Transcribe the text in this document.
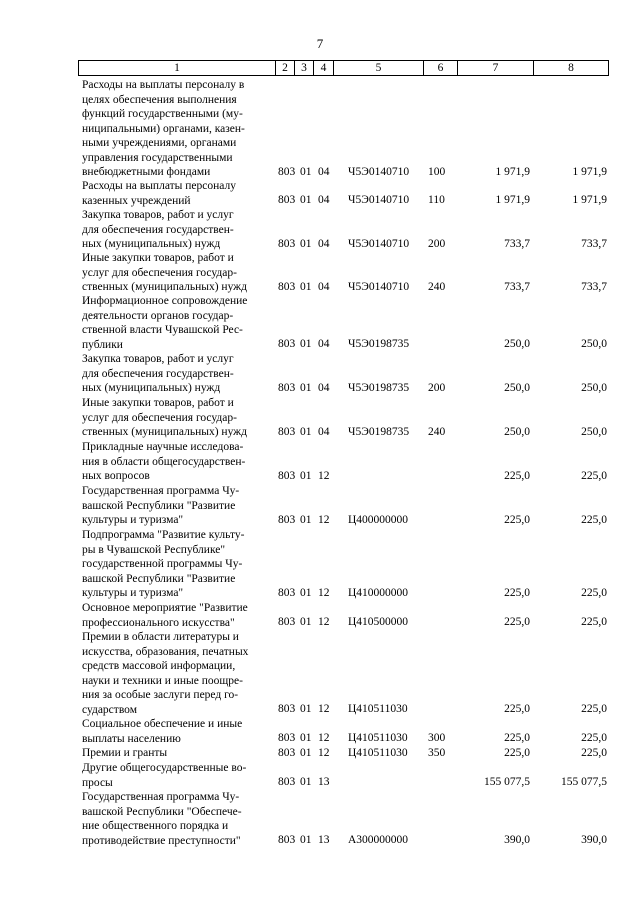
7
1	2	3	4	5	6	7	8
Расходы на выплаты персоналу в
целях обеспечения выполнения
функций государственными (му-
ниципальными) органами, казен-
ными учреждениями, органами
управления государственными
внебюджетными фондами	803 01 04 Ч5Э0140710 100	1 971,9	1 971,9
Расходы на выплаты персоналу
казенных учреждений	803 01 04 Ч5Э0140710 110	1 971,9	1 971,9
Закупка товаров, работ и услуг
для обеспечения государствен-
ных (муниципальных) нужд	803 01 04 Ч5Э0140710 200	733,7	733,7
Иные закупки товаров, работ и
услуг для обеспечения государ-
ственных (муниципальных) нужд	803 01 04 Ч5Э0140710 240	733,7	733,7
Информационное сопровождение
деятельности органов государ-
ственной власти Чувашской Рес-
публики	803 01 04 Ч5Э0198735	250,0	250,0
Закупка товаров, работ и услуг
для обеспечения государствен-
ных (муниципальных) нужд	803 01 04 Ч5Э0198735 200	250,0	250,0
Иные закупки товаров, работ и
услуг для обеспечения государ-
ственных (муниципальных) нужд	803 01 04 Ч5Э0198735 240	250,0	250,0
Прикладные научные исследова-
ния в области общегосударствен-
ных вопросов	803 01 12	225,0	225,0
Государственная программа Чу-
вашской Республики "Развитие
культуры и туризма"	803 01 12 Ц400000000	225,0	225,0
Подпрограмма "Развитие культу-
ры в Чувашской Республике"
государственной программы Чу-
вашской Республики "Развитие
культуры и туризма"	803 01 12 Ц410000000	225,0	225,0
Основное мероприятие "Развитие
профессионального искусства"	803 01 12 Ц410500000	225,0	225,0
Премии в области литературы и
искусства, образования, печатных
средств массовой информации,
науки и техники и иные поощре-
ния за особые заслуги перед го-
сударством	803 01 12 Ц410511030	225,0	225,0
Социальное обеспечение и иные
выплаты населению	803 01 12 Ц410511030 300	225,0	225,0
Премии и гранты	803 01 12 Ц410511030 350	225,0	225,0
Другие общегосударственные во-
просы	803 01 13	155 077,5	155 077,5
Государственная программа Чу-
вашской Республики "Обеспече-
ние общественного порядка и
противодействие преступности"	803 01 13 А300000000	390,0	390,0
